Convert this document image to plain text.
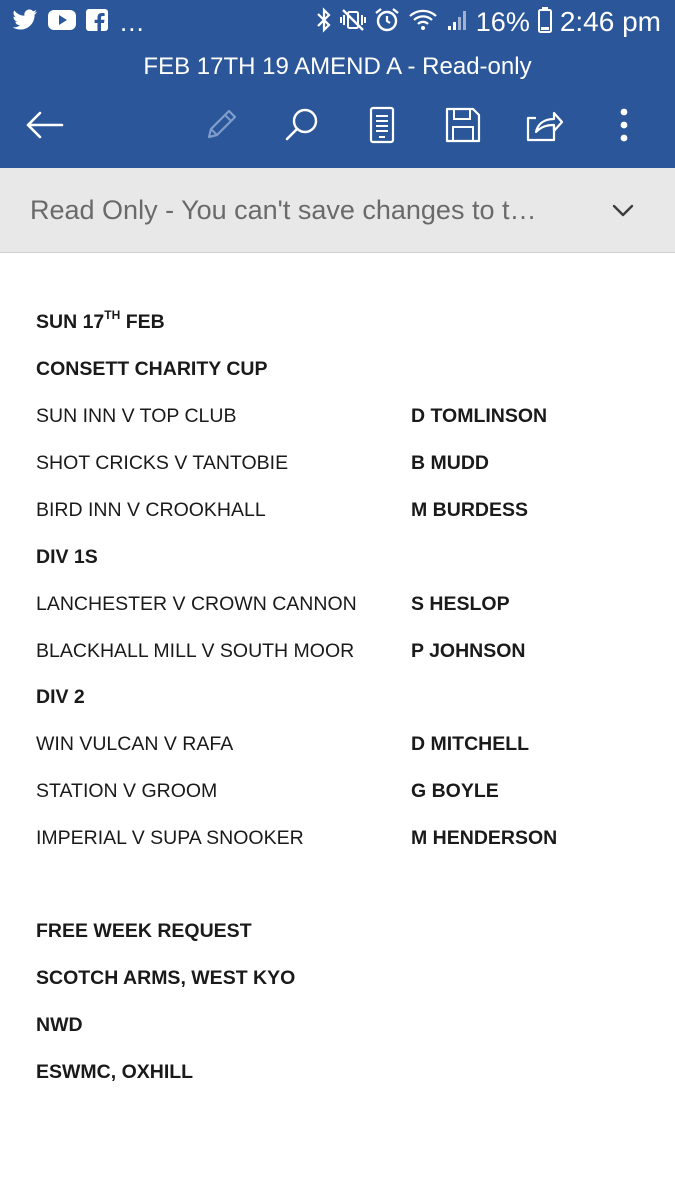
...	16% 2:46 pm
FEB 17TH 19 AMEND A - Read-only
Read Only - You can't save changes to t…
SUN 17TH FEB
CONSETT CHARITY CUP
SUN INN V TOP CLUB	D TOMLINSON
SHOT CRICKS V TANTOBIE	B MUDD
BIRD INN V CROOKHALL	M BURDESS
DIV 1S
LANCHESTER V CROWN CANNON	S HESLOP
BLACKHALL MILL V SOUTH MOOR	P JOHNSON
DIV 2
WIN VULCAN V RAFA	D MITCHELL
STATION V GROOM	G BOYLE
IMPERIAL V SUPA SNOOKER	M HENDERSON
FREE WEEK REQUEST
SCOTCH ARMS, WEST KYO
NWD
ESWMC, OXHILL
